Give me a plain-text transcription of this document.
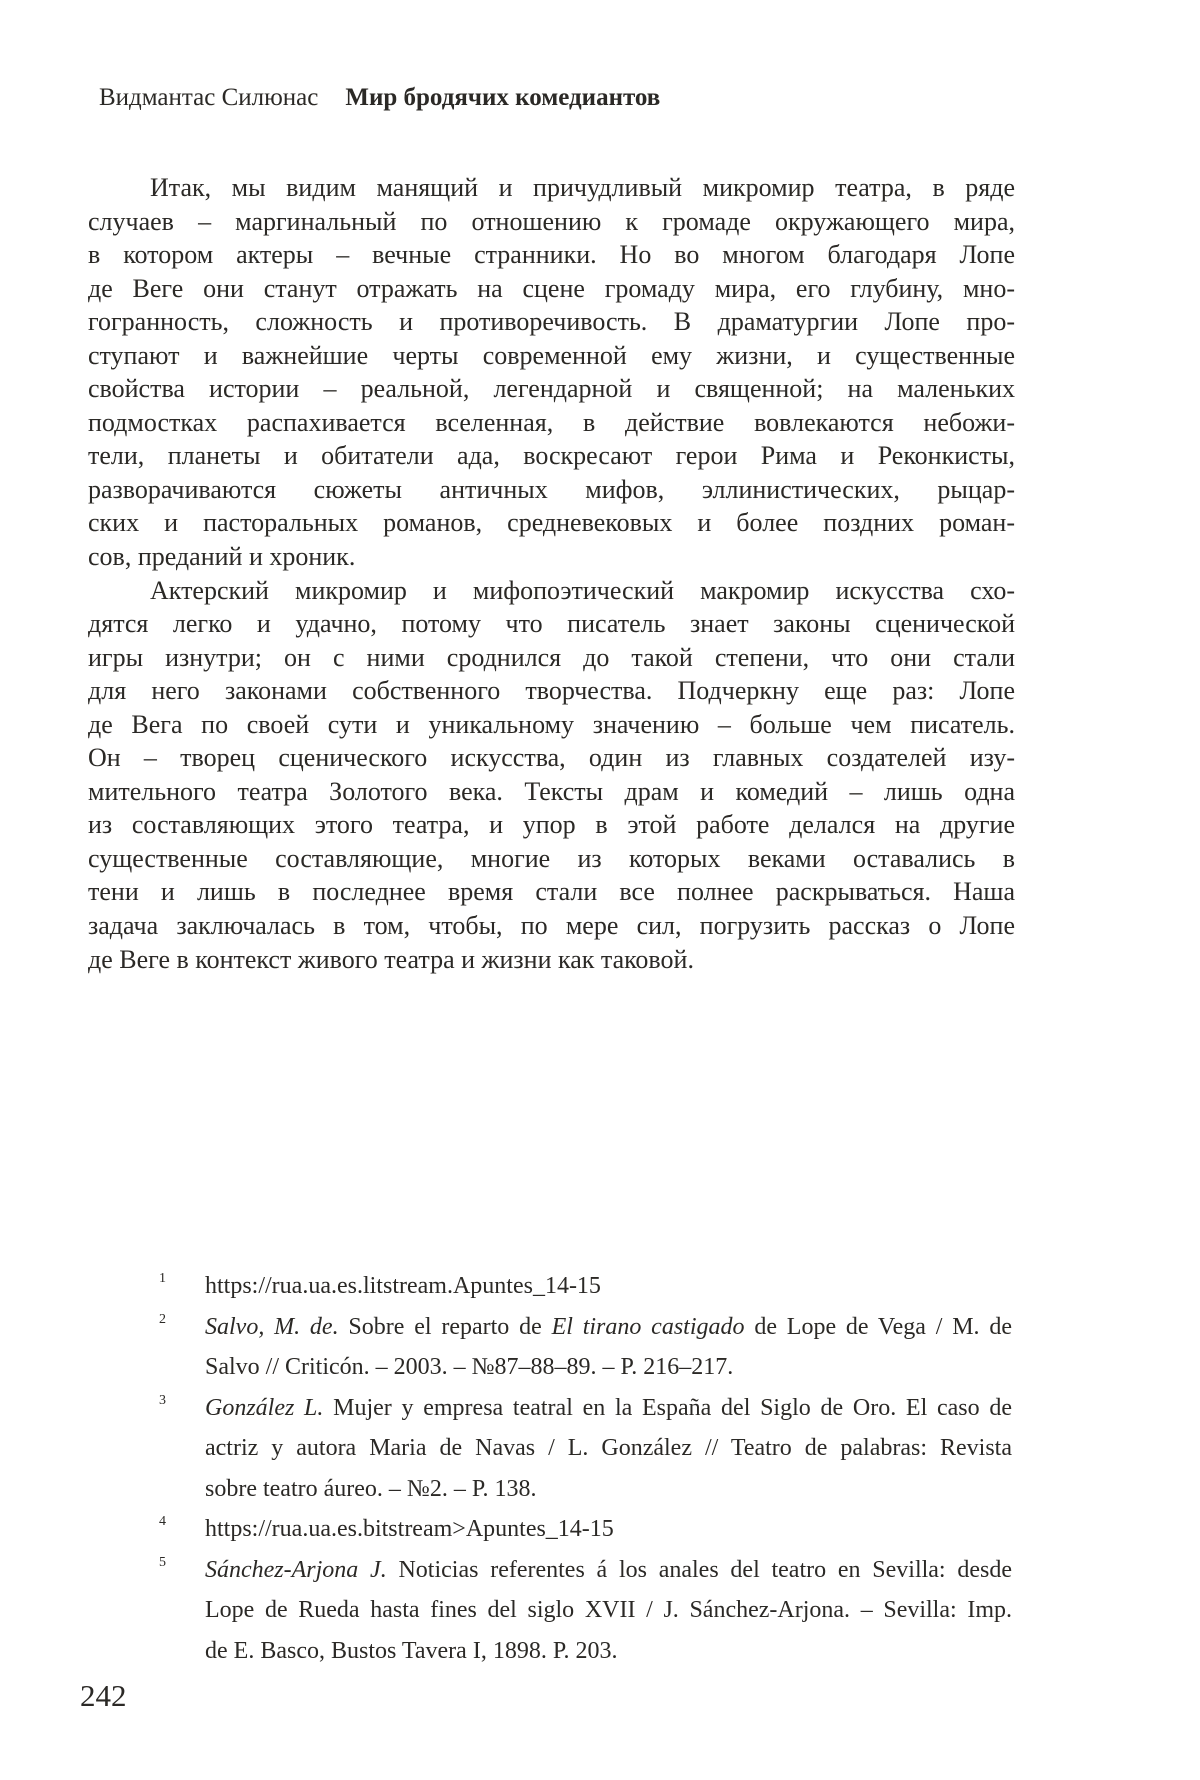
Видмантас Силюнас Мир бродячих комедиантов
Итак, мы видим манящий и причудливый микромир театра, в ряде
случаев – маргинальный по отношению к громаде окружающего мира,
в котором актеры – вечные странники. Но во многом благодаря Лопе
де Веге они станут отражать на сцене громаду мира, его глубину, мно-
гогранность, сложность и противоречивость. В драматургии Лопе про-
ступают и важнейшие черты современной ему жизни, и существенные
свойства истории – реальной, легендарной и священной; на маленьких
подмостках распахивается вселенная, в действие вовлекаются небожи-
тели, планеты и обитатели ада, воскресают герои Рима и Реконкисты,
разворачиваются сюжеты античных мифов, эллинистических, рыцар-
ских и пасторальных романов, средневековых и более поздних роман-
сов, преданий и хроник.
Актерский микромир и мифопоэтический макромир искусства схо-
дятся легко и удачно, потому что писатель знает законы сценической
игры изнутри; он с ними сроднился до такой степени, что они стали
для него законами собственного творчества. Подчеркну еще раз: Лопе
де Вега по своей сути и уникальному значению – больше чем писатель.
Он – творец сценического искусства, один из главных создателей изу-
мительного театра Золотого века. Тексты драм и комедий – лишь одна
из составляющих этого театра, и упор в этой работе делался на другие
существенные составляющие, многие из которых веками оставались в
тени и лишь в последнее время стали все полнее раскрываться. Наша
задача заключалась в том, чтобы, по мере сил, погрузить рассказ о Лопе
де Веге в контекст живого театра и жизни как таковой.
1	https://rua.ua.es.litstream.Apuntes_14-15
2	Salvo, M. de. Sobre el reparto de El tirano castigado de Lope de Vega / M. de
Salvo // Criticón. – 2003. – №87–88–89. – P. 216–217.
3	González L. Mujer y empresa teatral en la España del Siglo de Oro. El caso de
actriz y autora Maria de Navas / L. González // Teatro de palabras: Revista
sobre teatro áureo. – №2. – P. 138.
4	https://rua.ua.es.bitstream>Apuntes_14-15
5	Sánchez-Arjona J. Noticias referentes á los anales del teatro en Sevilla: desde
Lope de Rueda hasta fines del siglo XVII / J. Sánchez-Arjona. – Sevilla: Imp.
de E. Basco, Bustos Tavera I, 1898. P. 203.
242
